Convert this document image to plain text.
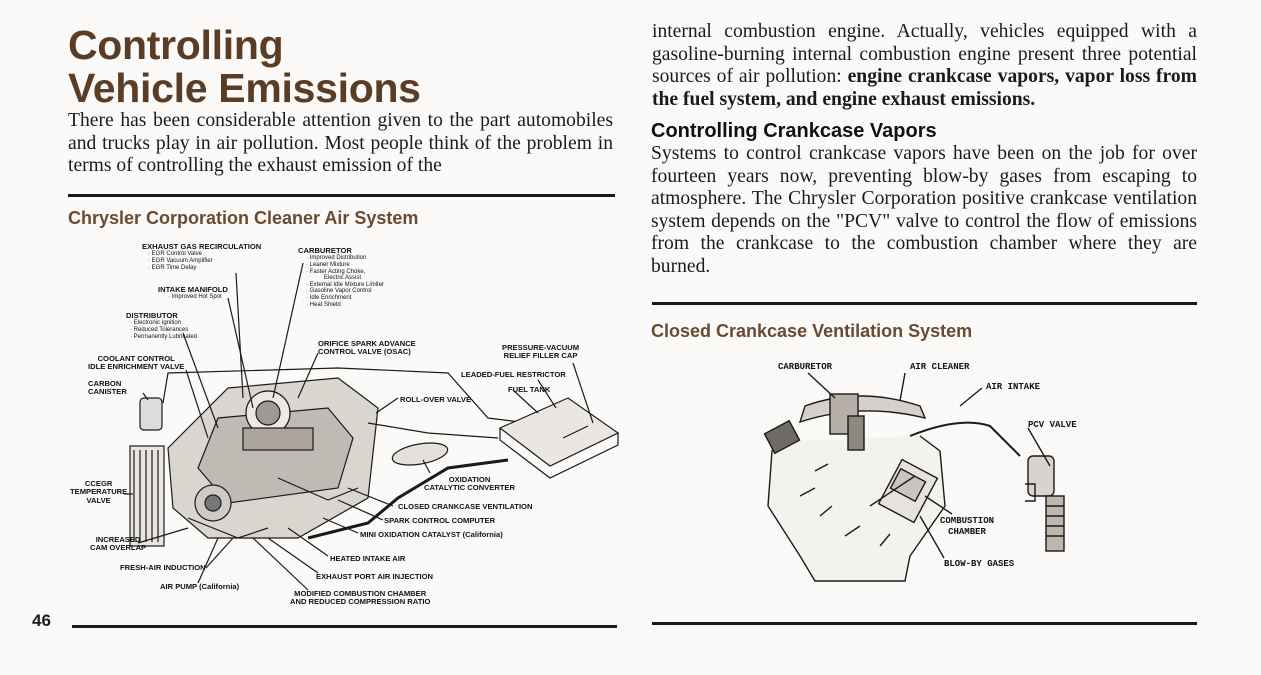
Controlling
Vehicle Emissions
There has been considerable attention given to the part automobiles and trucks play in air pollution. Most people think of the problem in terms of controlling the exhaust emission of the
Chrysler Corporation Cleaner Air System
EXHAUST GAS RECIRCULATION
· EGR Control Valve
· EGR Vacuum Amplifier
· EGR Time Delay
CARBURETOR
· Improved Distribution
· Leaner Mixture
· Faster Acting Choke,
Electric Assist
· External Idle Mixture Limiter
· Gasoline Vapor Control
· Idle Enrichment
· Heat Shield
INTAKE MANIFOLD
· Improved Hot Spot
DISTRIBUTOR
· Electronic Ignition
· Reduced Tolerances
· Permanently Lubricated
ORIFICE SPARK ADVANCE
CONTROL VALVE (OSAC)	PRESSURE-VACUUM
RELIEF FILLER CAP
COOLANT CONTROL
IDLE ENRICHMENT VALVE
LEADED-FUEL RESTRICTOR
FUEL TANK
CARBON
CANISTER
ROLL-OVER VALVE
CCEGR
TEMPERATURE
VALVE
OXIDATION
CATALYTIC CONVERTER
CLOSED CRANKCASE VENTILATION
SPARK CONTROL COMPUTER
MINI OXIDATION CATALYST (California)
INCREASED
CAM OVERLAP
HEATED INTAKE AIR
FRESH-AIR INDUCTION
EXHAUST PORT AIR INJECTION
AIR PUMP (California)
MODIFIED COMBUSTION CHAMBER
AND REDUCED COMPRESSION RATIO
46
internal combustion engine. Actually, vehicles equipped with a gasoline-burning internal combustion engine present three potential sources of air pollution: engine crankcase vapors, vapor loss from the fuel system, and engine exhaust emissions.
Controlling Crankcase Vapors
Systems to control crankcase vapors have been on the job for over fourteen years now, preventing blow-by gases from escaping to atmosphere. The Chrysler Corporation positive crankcase ventilation system depends on the "PCV" valve to control the flow of emissions from the crankcase to the combustion chamber where they are burned.
Closed Crankcase Ventilation System
CARBURETOR	AIR CLEANER
AIR INTAKE
PCV VALVE
COMBUSTION
CHAMBER
BLOW-BY GASES
